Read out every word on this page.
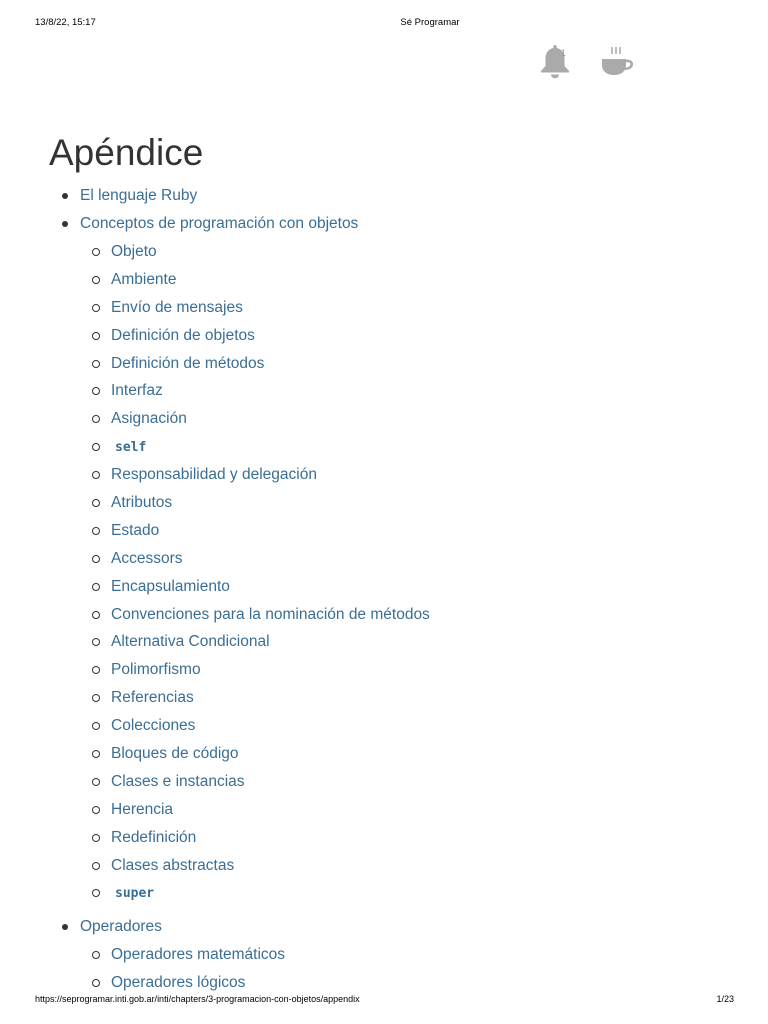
13/8/22, 15:17	Sé Programar
1
Apéndice
El lenguaje Ruby
Conceptos de programación con objetos
Objeto
Ambiente
Envío de mensajes
Definición de objetos
Definición de métodos
Interfaz
Asignación
self
Responsabilidad y delegación
Atributos
Estado
Accessors
Encapsulamiento
Convenciones para la nominación de métodos
Alternativa Condicional
Polimorfismo
Referencias
Colecciones
Bloques de código
Clases e instancias
Herencia
Redefinición
Clases abstractas
super
Operadores
Operadores matemáticos
Operadores lógicos
https://seprogramar.inti.gob.ar/inti/chapters/3-programacion-con-objetos/appendix	1/23
